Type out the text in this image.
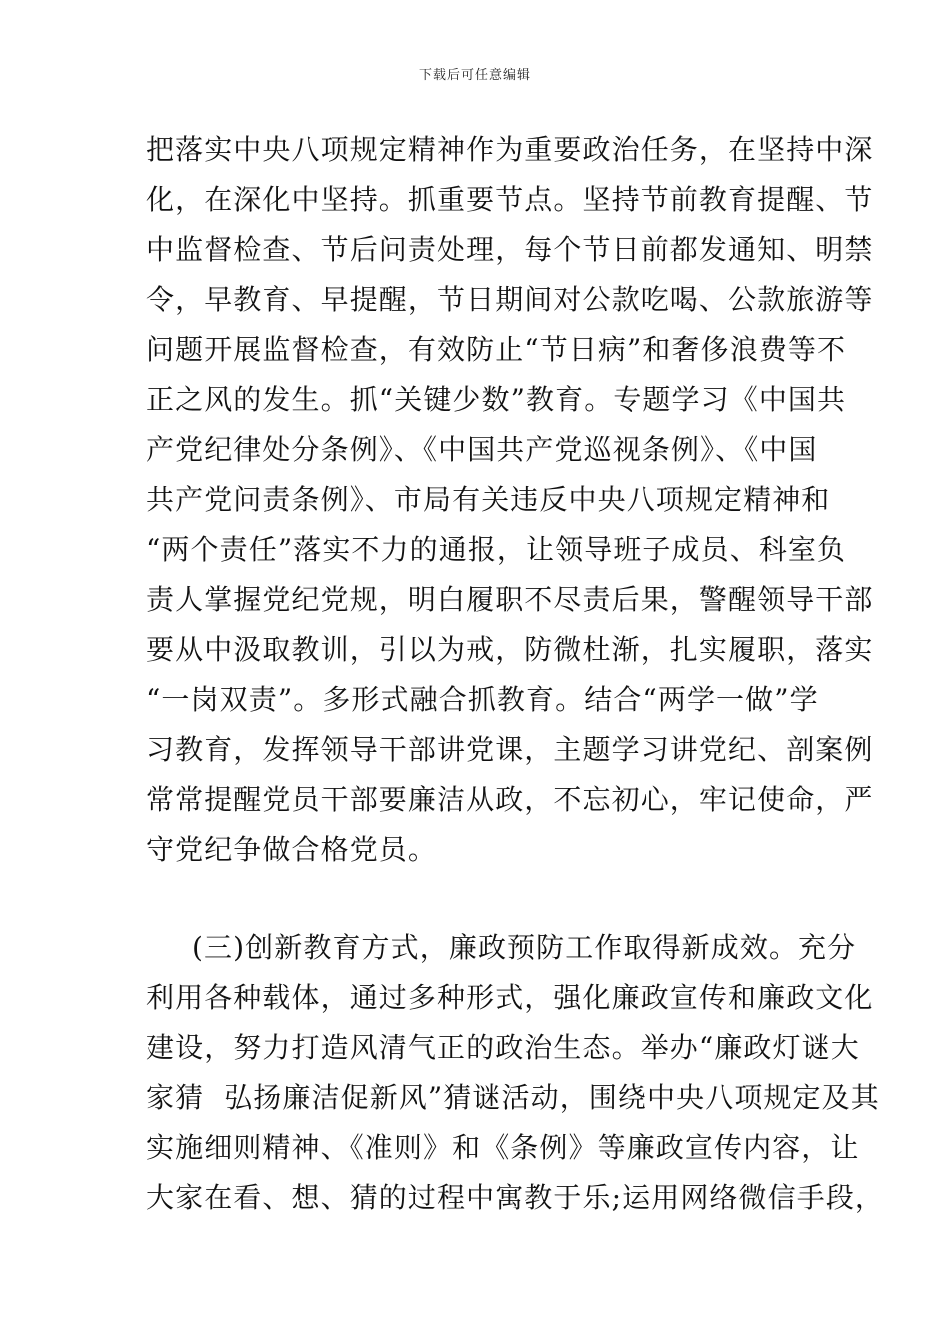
下载后可任意编辑
把落实中央八项规定精神作为重要政治任务，在坚持中深
化，在深化中坚持。抓重要节点。坚持节前教育提醒、节
中监督检查、节后问责处理，每个节日前都发通知、明禁
令，早教育、早提醒，节日期间对公款吃喝、公款旅游等
问题开展监督检查，有效防止“节日病”和奢侈浪费等不
正之风的发生。抓“关键少数”教育。专题学习《中国共
产党纪律处分条例》、《中国共产党巡视条例》、《中国
共产党问责条例》、市局有关违反中央八项规定精神和
“两个责任”落实不力的通报，让领导班子成员、科室负
责人掌握党纪党规，明白履职不尽责后果，警醒领导干部
要从中汲取教训，引以为戒，防微杜渐，扎实履职，落实
“一岗双责”。多形式融合抓教育。结合“两学一做”学
习教育，发挥领导干部讲党课，主题学习讲党纪、剖案例
常常提醒党员干部要廉洁从政，不忘初心，牢记使命，严
守党纪争做合格党员。
(三)创新教育方式，廉政预防工作取得新成效。充分
利用各种载体，通过多种形式，强化廉政宣传和廉政文化
建设，努力打造风清气正的政治生态。举办“廉政灯谜大
家猜  弘扬廉洁促新风”猜谜活动，围绕中央八项规定及其
实施细则精神、《准则》和《条例》等廉政宣传内容，让
大家在看、想、猜的过程中寓教于乐;运用网络微信手段，
